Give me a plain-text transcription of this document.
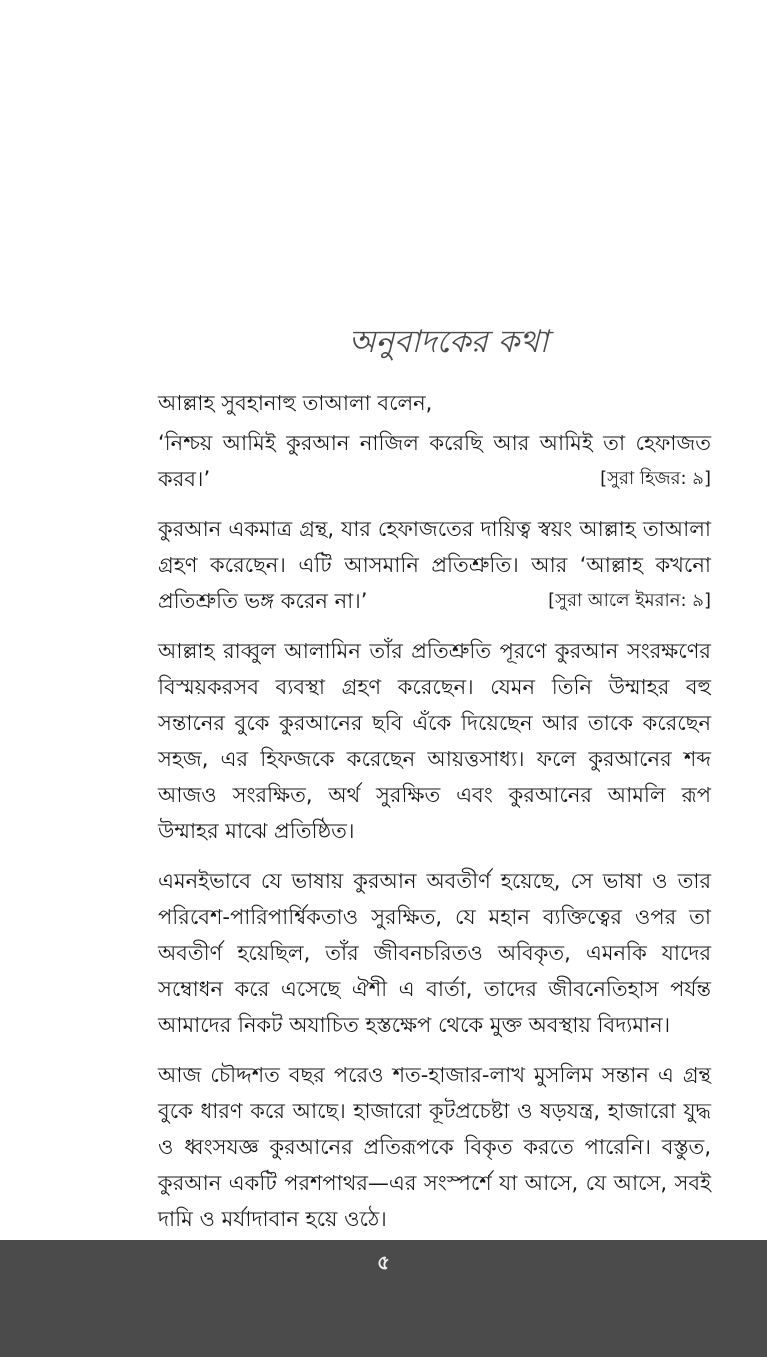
অনুবাদকের কথা

আল্লাহ সুবহানাহু তাআলা বলেন,

‘নিশ্চয় আমিই কুরআন নাজিল করেছি আর আমিই তা হেফাজত করব।’	[সুরা হিজর: ৯]

কুরআন একমাত্র গ্রন্থ, যার হেফাজতের দায়িত্ব স্বয়ং আল্লাহ তাআলা গ্রহণ করেছেন। এটি আসমানি প্রতিশ্রুতি। আর ‘আল্লাহ কখনো প্রতিশ্রুতি ভঙ্গ করেন না।’	[সুরা আলে ইমরান: ৯]

আল্লাহ রাব্বুল আলামিন তাঁর প্রতিশ্রুতি পূরণে কুরআন সংরক্ষণের বিস্ময়করসব ব্যবস্থা গ্রহণ করেছেন। যেমন তিনি উম্মাহর বহু সন্তানের বুকে কুরআনের ছবি এঁকে দিয়েছেন আর তাকে করেছেন সহজ, এর হিফজকে করেছেন আয়ত্তসাধ্য। ফলে কুরআনের শব্দ আজও সংরক্ষিত, অর্থ সুরক্ষিত এবং কুরআনের আমলি রূপ উম্মাহর মাঝে প্রতিষ্ঠিত।

এমনইভাবে যে ভাষায় কুরআন অবতীর্ণ হয়েছে, সে ভাষা ও তার পরিবেশ-পারিপার্শ্বিকতাও সুরক্ষিত, যে মহান ব্যক্তিত্বের ওপর তা অবতীর্ণ হয়েছিল, তাঁর জীবনচরিতও অবিকৃত, এমনকি যাদের সম্বোধন করে এসেছে ঐশী এ বার্তা, তাদের জীবনেতিহাস পর্যন্ত আমাদের নিকট অযাচিত হস্তক্ষেপ থেকে মুক্ত অবস্থায় বিদ্যমান।

আজ চৌদ্দশত বছর পরেও শত-হাজার-লাখ মুসলিম সন্তান এ গ্রন্থ বুকে ধারণ করে আছে। হাজারো কূটপ্রচেষ্টা ও ষড়যন্ত্র, হাজারো যুদ্ধ ও ধ্বংসযজ্ঞ কুরআনের প্রতিরূপকে বিকৃত করতে পারেনি। বস্তুত, কুরআন একটি পরশপাথর—এর সংস্পর্শে যা আসে, যে আসে, সবই দামি ও মর্যাদাবান হয়ে ওঠে।

৫
